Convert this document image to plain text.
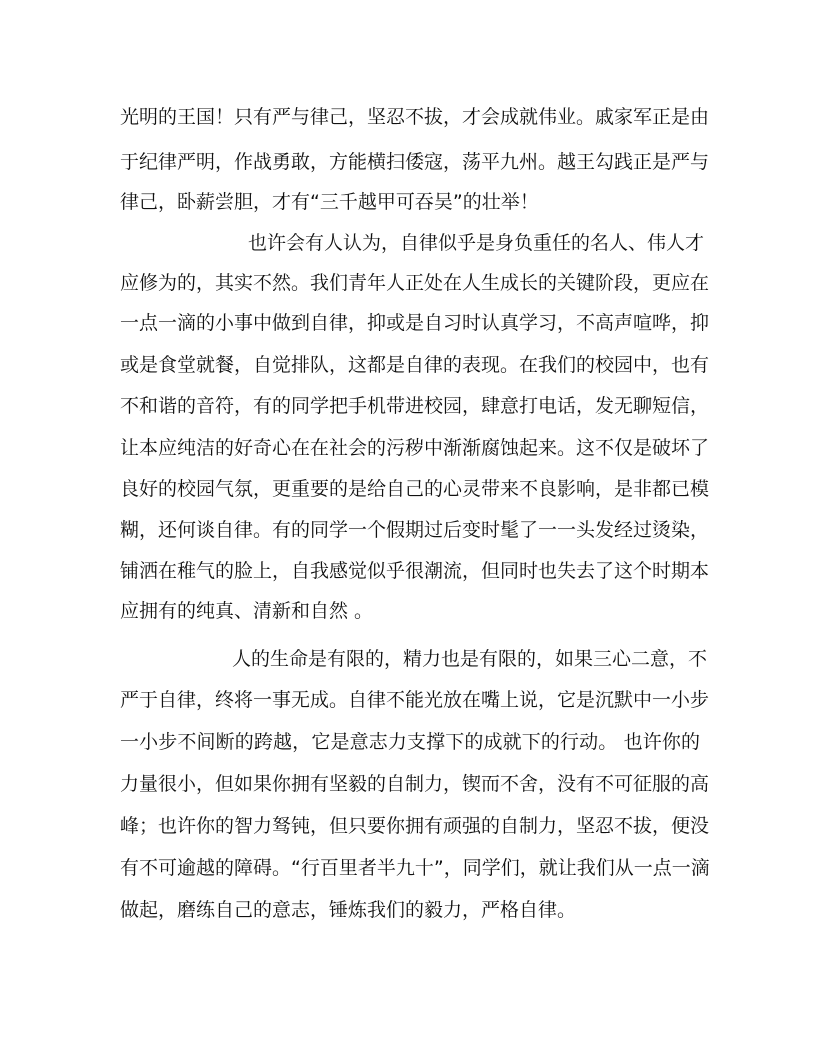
光明的王国！只有严与律己，坚忍不拔，才会成就伟业。戚家军正是由
于纪律严明，作战勇敢，方能横扫倭寇，荡平九州。越王勾践正是严与
律己，卧薪尝胆，才有“三千越甲可吞吴”的壮举！
也许会有人认为，自律似乎是身负重任的名人、伟人才
应修为的，其实不然。我们青年人正处在人生成长的关键阶段，更应在
一点一滴的小事中做到自律，抑或是自习时认真学习，不高声喧哗，抑
或是食堂就餐，自觉排队，这都是自律的表现。在我们的校园中，也有
不和谐的音符，有的同学把手机带进校园，肆意打电话，发无聊短信，
让本应纯洁的好奇心在在社会的污秽中渐渐腐蚀起来。这不仅是破坏了
良好的校园气氛，更重要的是给自己的心灵带来不良影响，是非都已模
糊，还何谈自律。有的同学一个假期过后变时髦了一一头发经过烫染，
铺洒在稚气的脸上，自我感觉似乎很潮流，但同时也失去了这个时期本
应拥有的纯真、清新和自然 。
人的生命是有限的，精力也是有限的，如果三心二意，不
严于自律，终将一事无成。自律不能光放在嘴上说，它是沉默中一小步
一小步不间断的跨越，它是意志力支撑下的成就下的行动。 也许你的
力量很小，但如果你拥有坚毅的自制力，锲而不舍，没有不可征服的高
峰；也许你的智力驽钝，但只要你拥有顽强的自制力，坚忍不拔，便没
有不可逾越的障碍。“行百里者半九十”，同学们，就让我们从一点一滴
做起，磨练自己的意志，锤炼我们的毅力，严格自律。
